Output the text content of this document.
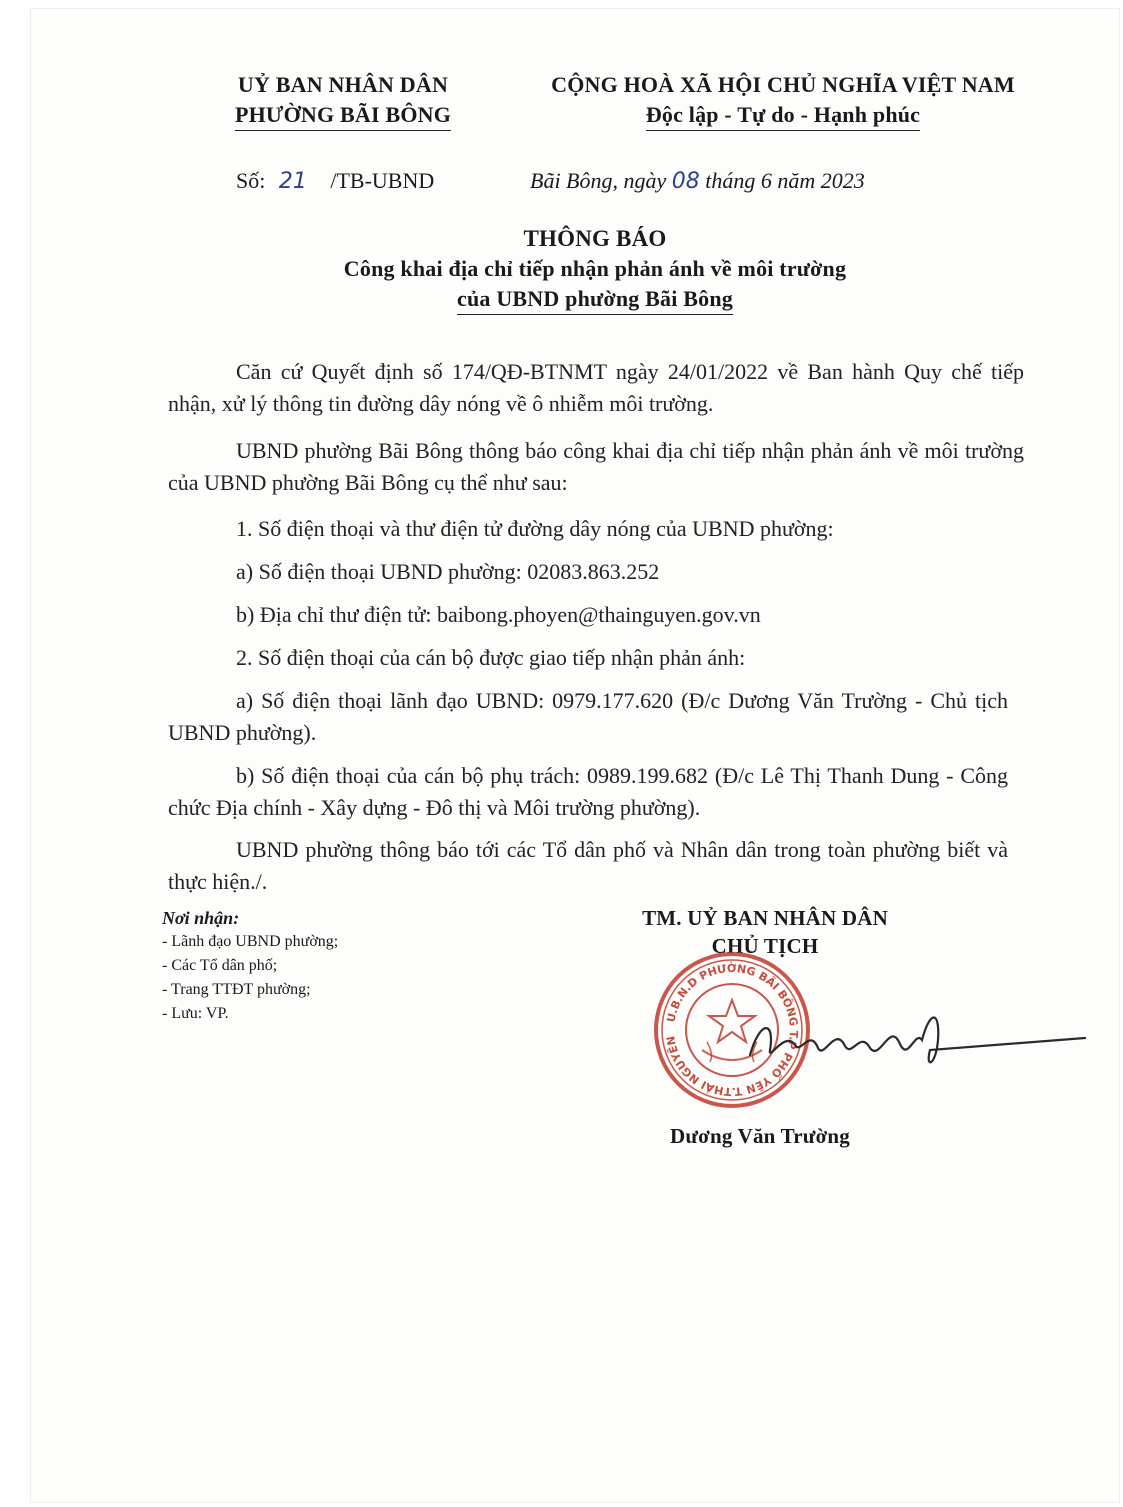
UỶ BAN NHÂN DÂN
PHƯỜNG BÃI BÔNG
CỘNG HOÀ XÃ HỘI CHỦ NGHĨA VIỆT NAM
Độc lập - Tự do - Hạnh phúc
Số: 21 /TB-UBND	Bãi Bông, ngày 08 tháng 6 năm 2023
THÔNG BÁO
Công khai địa chỉ tiếp nhận phản ánh về môi trường
của UBND phường Bãi Bông
Căn cứ Quyết định số 174/QĐ-BTNMT ngày 24/01/2022 về Ban hành Quy chế tiếp nhận, xử lý thông tin đường dây nóng về ô nhiễm môi trường.
UBND phường Bãi Bông thông báo công khai địa chỉ tiếp nhận phản ánh về môi trường của UBND phường Bãi Bông cụ thể như sau:
1. Số điện thoại và thư điện tử đường dây nóng của UBND phường:
a) Số điện thoại UBND phường: 02083.863.252
b) Địa chỉ thư điện tử: baibong.phoyen@thainguyen.gov.vn
2. Số điện thoại của cán bộ được giao tiếp nhận phản ánh:
a) Số điện thoại lãnh đạo UBND: 0979.177.620 (Đ/c Dương Văn Trường - Chủ tịch UBND phường).
b) Số điện thoại của cán bộ phụ trách: 0989.199.682 (Đ/c Lê Thị Thanh Dung - Công chức Địa chính - Xây dựng - Đô thị và Môi trường phường).
UBND phường thông báo tới các Tổ dân phố và Nhân dân trong toàn phường biết và thực hiện./.
Nơi nhận:
- Lãnh đạo UBND phường;
- Các Tổ dân phố;
- Trang TTĐT phường;
- Lưu: VP.
TM. UỶ BAN NHÂN DÂN
CHỦ TỊCH
U.B.N.D PHƯỜNG BÃI BÔNG T.P PHỔ YÊN T.THÁI NGUYÊN
Dương Văn Trường
